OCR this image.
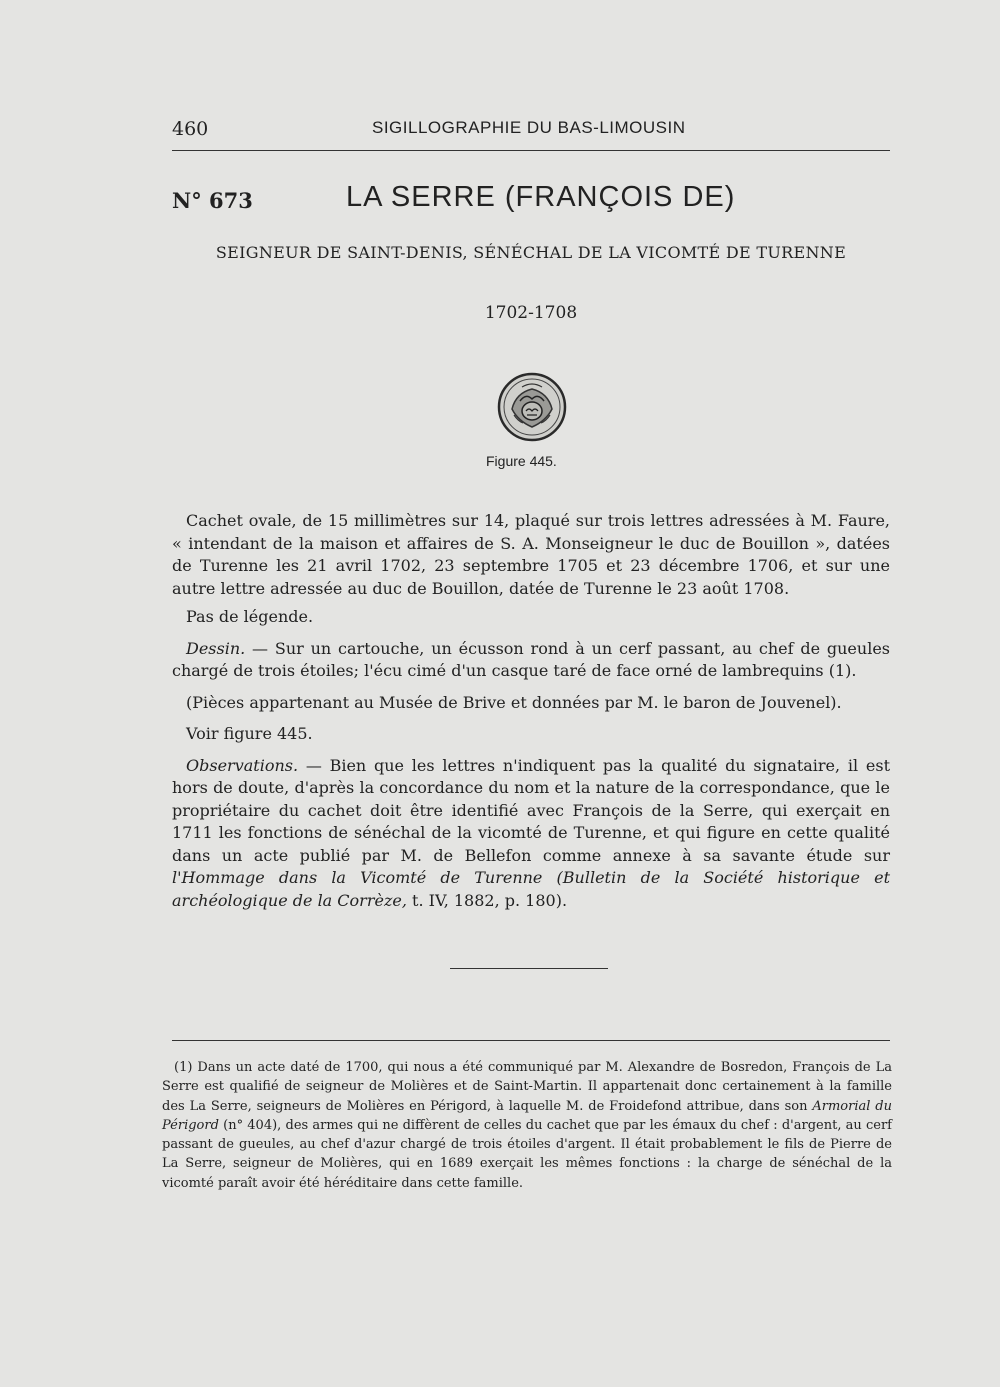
460	SIGILLOGRAPHIE DU BAS-LIMOUSIN
N° 673	LA SERRE (FRANÇOIS DE)
SEIGNEUR DE SAINT-DENIS, SÉNÉCHAL DE LA VICOMTÉ DE TURENNE
1702-1708
Figure 445.

Cachet ovale, de 15 millimètres sur 14, plaqué sur trois lettres adressées à M. Faure, « intendant de la maison et affaires de S. A. Monseigneur le duc de Bouillon », datées de Turenne les 21 avril 1702, 23 septembre 1705 et 23 décembre 1706, et sur une autre lettre adressée au duc de Bouillon, datée de Turenne le 23 août 1708.

Pas de légende.

Dessin. — Sur un cartouche, un écusson rond à un cerf passant, au chef de gueules chargé de trois étoiles; l'écu cimé d'un casque taré de face orné de lambrequins (1).

(Pièces appartenant au Musée de Brive et données par M. le baron de Jouvenel).

Voir figure 445.

Observations. — Bien que les lettres n'indiquent pas la qualité du signataire, il est hors de doute, d'après la concordance du nom et la nature de la correspondance, que le propriétaire du cachet doit être identifié avec François de la Serre, qui exerçait en 1711 les fonctions de sénéchal de la vicomté de Turenne, et qui figure en cette qualité dans un acte publié par M. de Bellefon comme annexe à sa savante étude sur l'Hommage dans la Vicomté de Turenne (Bulletin de la Société historique et archéologique de la Corrèze, t. IV, 1882, p. 180).

(1) Dans un acte daté de 1700, qui nous a été communiqué par M. Alexandre de Bosredon, François de La Serre est qualifié de seigneur de Molières et de Saint-Martin. Il appartenait donc certainement à la famille des La Serre, seigneurs de Molières en Périgord, à laquelle M. de Froidefond attribue, dans son Armorial du Périgord (n° 404), des armes qui ne diffèrent de celles du cachet que par les émaux du chef : d'argent, au cerf passant de gueules, au chef d'azur chargé de trois étoiles d'argent. Il était probablement le fils de Pierre de La Serre, seigneur de Molières, qui en 1689 exerçait les mêmes fonctions : la charge de sénéchal de la vicomté paraît avoir été héréditaire dans cette famille.
